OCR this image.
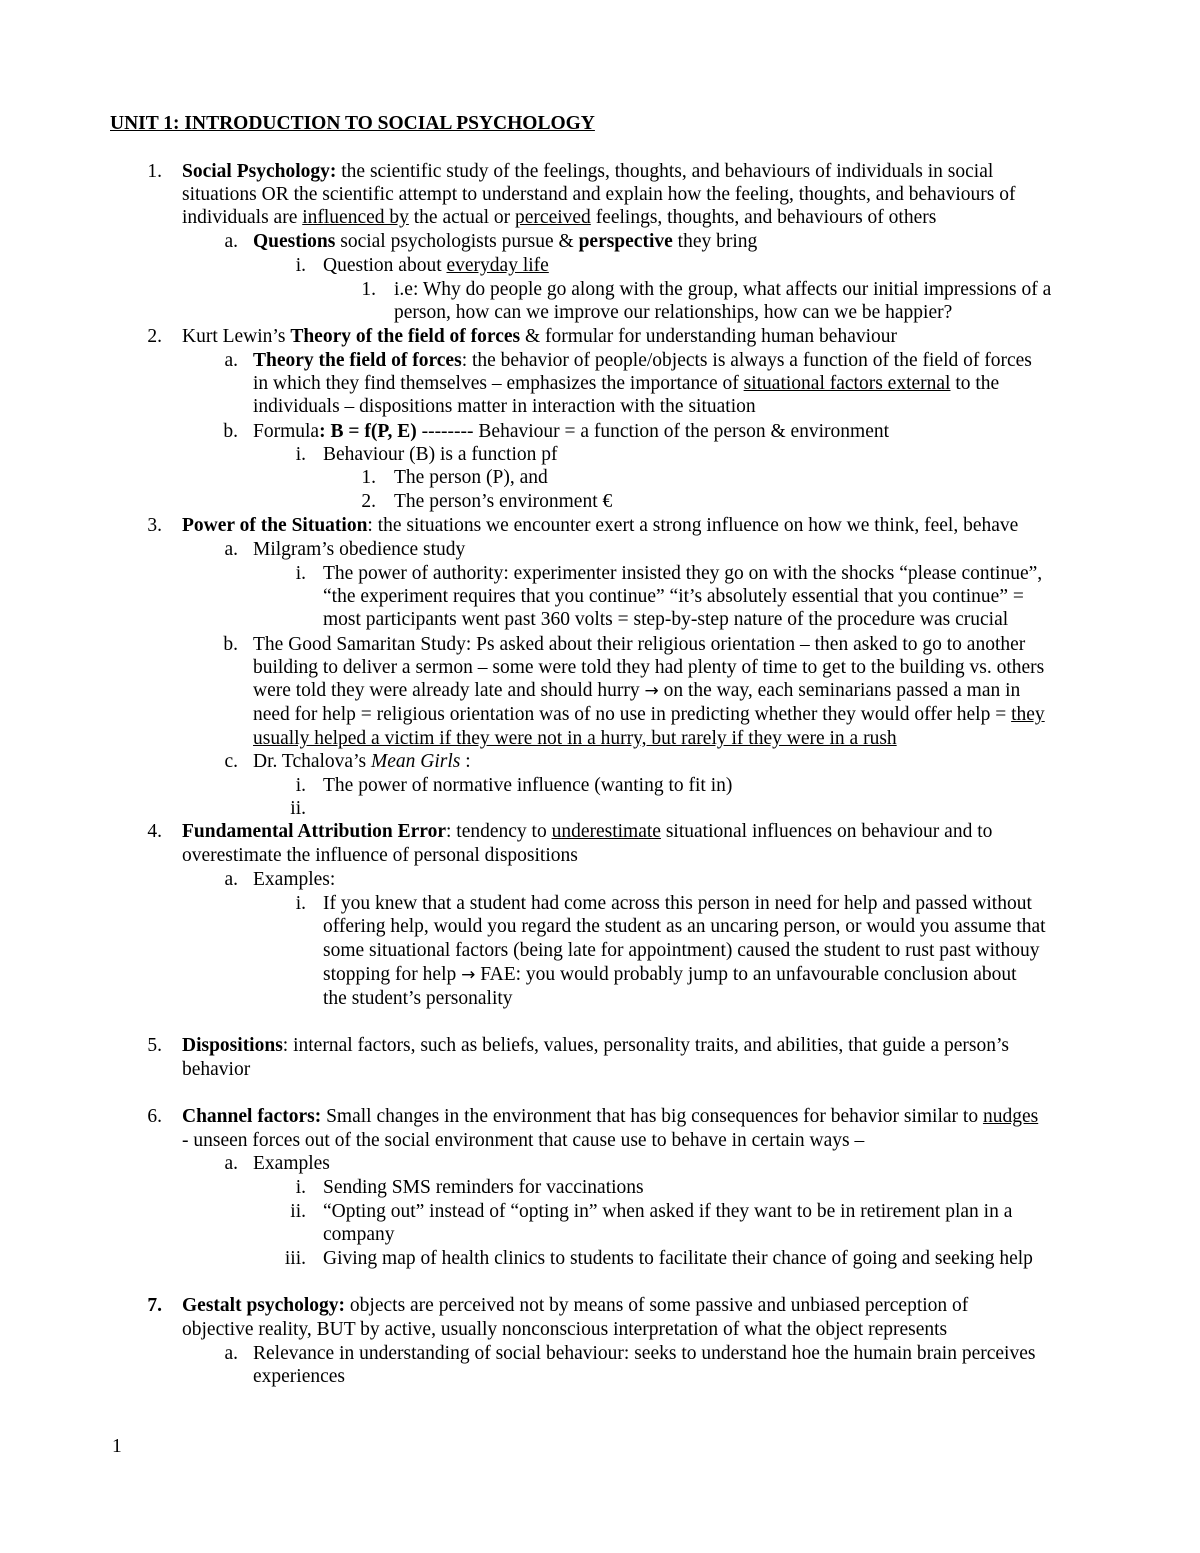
UNIT 1: INTRODUCTION TO SOCIAL PSYCHOLOGY
1. Social Psychology: the scientific study of the feelings, thoughts, and behaviours of individuals in social
situations OR the scientific attempt to understand and explain how the feeling, thoughts, and behaviours of
individuals are influenced by the actual or perceived feelings, thoughts, and behaviours of others
a. Questions social psychologists pursue & perspective they bring
i. Question about everyday life
1. i.e: Why do people go along with the group, what affects our initial impressions of a
person, how can we improve our relationships, how can we be happier?
2. Kurt Lewin’s Theory of the field of forces & formular for understanding human behaviour
a. Theory the field of forces: the behavior of people/objects is always a function of the field of forces
in which they find themselves – emphasizes the importance of situational factors external to the
individuals – dispositions matter in interaction with the situation
b. Formula: B = f(P, E) -------- Behaviour = a function of the person & environment
i. Behaviour (B) is a function pf
1. The person (P), and
2. The person’s environment €
3. Power of the Situation: the situations we encounter exert a strong influence on how we think, feel, behave
a. Milgram’s obedience study
i. The power of authority: experimenter insisted they go on with the shocks “please continue”,
“the experiment requires that you continue” “it’s absolutely essential that you continue” =
most participants went past 360 volts = step-by-step nature of the procedure was crucial
b. The Good Samaritan Study: Ps asked about their religious orientation – then asked to go to another
building to deliver a sermon – some were told they had plenty of time to get to the building vs. others
were told they were already late and should hurry → on the way, each seminarians passed a man in
need for help = religious orientation was of no use in predicting whether they would offer help = they
usually helped a victim if they were not in a hurry, but rarely if they were in a rush
c. Dr. Tchalova’s Mean Girls :
i. The power of normative influence (wanting to fit in)
ii.
4. Fundamental Attribution Error: tendency to underestimate situational influences on behaviour and to
overestimate the influence of personal dispositions
a. Examples:
i. If you knew that a student had come across this person in need for help and passed without
offering help, would you regard the student as an uncaring person, or would you assume that
some situational factors (being late for appointment) caused the student to rust past withouy
stopping for help → FAE: you would probably jump to an unfavourable conclusion about
the student’s personality
5. Dispositions: internal factors, such as beliefs, values, personality traits, and abilities, that guide a person’s
behavior
6. Channel factors: Small changes in the environment that has big consequences for behavior similar to nudges
- unseen forces out of the social environment that cause use to behave in certain ways –
a. Examples
i. Sending SMS reminders for vaccinations
ii. “Opting out” instead of “opting in” when asked if they want to be in retirement plan in a
company
iii. Giving map of health clinics to students to facilitate their chance of going and seeking help
7. Gestalt psychology: objects are perceived not by means of some passive and unbiased perception of
objective reality, BUT by active, usually nonconscious interpretation of what the object represents
a. Relevance in understanding of social behaviour: seeks to understand hoe the humain brain perceives
experiences
1
